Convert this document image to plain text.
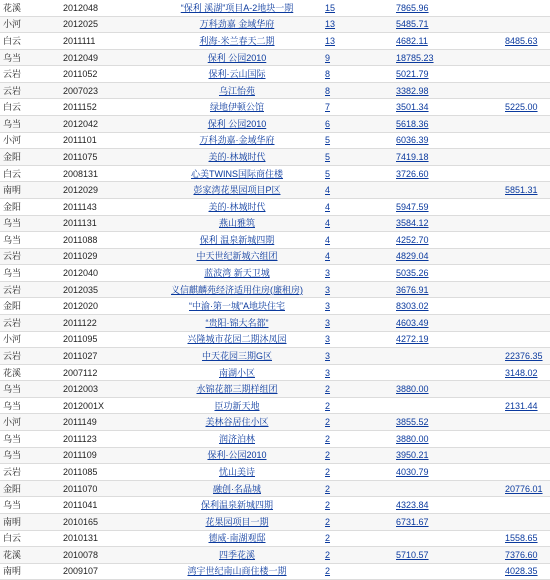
花溪	2012048	“保利 溪湖”项目A-2地块一期	15	7865.96	
小河	2012025	万科劲嘉 金域华府	13	5485.71	
白云	2011111	利海·米兰春天二期	13	4682.11	8485.63
乌当	2012049	保利 公园2010	9	18785.23	
云岩	2011052	保利·云山国际	8	5021.79	
云岩	2007023	乌江怡苑	8	3382.98	
白云	2011152	绿地伊顿公馆	7	3501.34	5225.00
乌当	2012042	保利 公园2010	6	5618.36	
小河	2011101	万科劲嘉·金域华府	5	6036.39	
金阳	2011075	美的·林城时代	5	7419.18	
白云	2008131	心美TWINS国际商住楼	5	3726.60	
南明	2012029	彭家湾花果园项目P区	4		5851.31
金阳	2011143	美的·林城时代	4	5947.59	
乌当	2011131	燕山雅筑	4	3584.12	
乌当	2011088	保利 温泉新城四期	4	4252.70	
云岩	2011029	中天世纪新城六组团	4	4829.04	
乌当	2012040	蓝波湾 新天卫城	3	5035.26	
云岩	2012035	义信麒麟苑经济适用住房(廉租房)	3	3676.91	
金阳	2012020	“中渝·第一城”A地块住宅	3	8303.02	
云岩	2011122	“贵阳·锦大名都”	3	4603.49	
小河	2011095	兴隆城市花园二期沐凤园	3	4272.19	
云岩	2011027	中天花园三期G区	3		22376.35
花溪	2007112	南湖小区	3		3148.02
乌当	2012003	水锦花都三期样组团	2	3880.00	
乌当	2012001X	臣功新天地	2		2131.44
小河	2011149	美林谷居住小区	2	3855.52	
乌当	2011123	润济泊林	2	3880.00	
乌当	2011109	保利·公园2010	2	3950.21	
云岩	2011085	忧山美诗	2	4030.79	
金阳	2011070	融创·名晶城	2		20776.01
乌当	2011041	保利温泉新城四期	2	4323.84	
南明	2010165	花果园项目一期	2	6731.67	
白云	2010131	德威·南湖观邸	2		1558.65
花溪	2010078	四季花溪	2	5710.57	7376.60
南明	2009107	鸿宇世纪南山商住楼一期	2		4028.35
